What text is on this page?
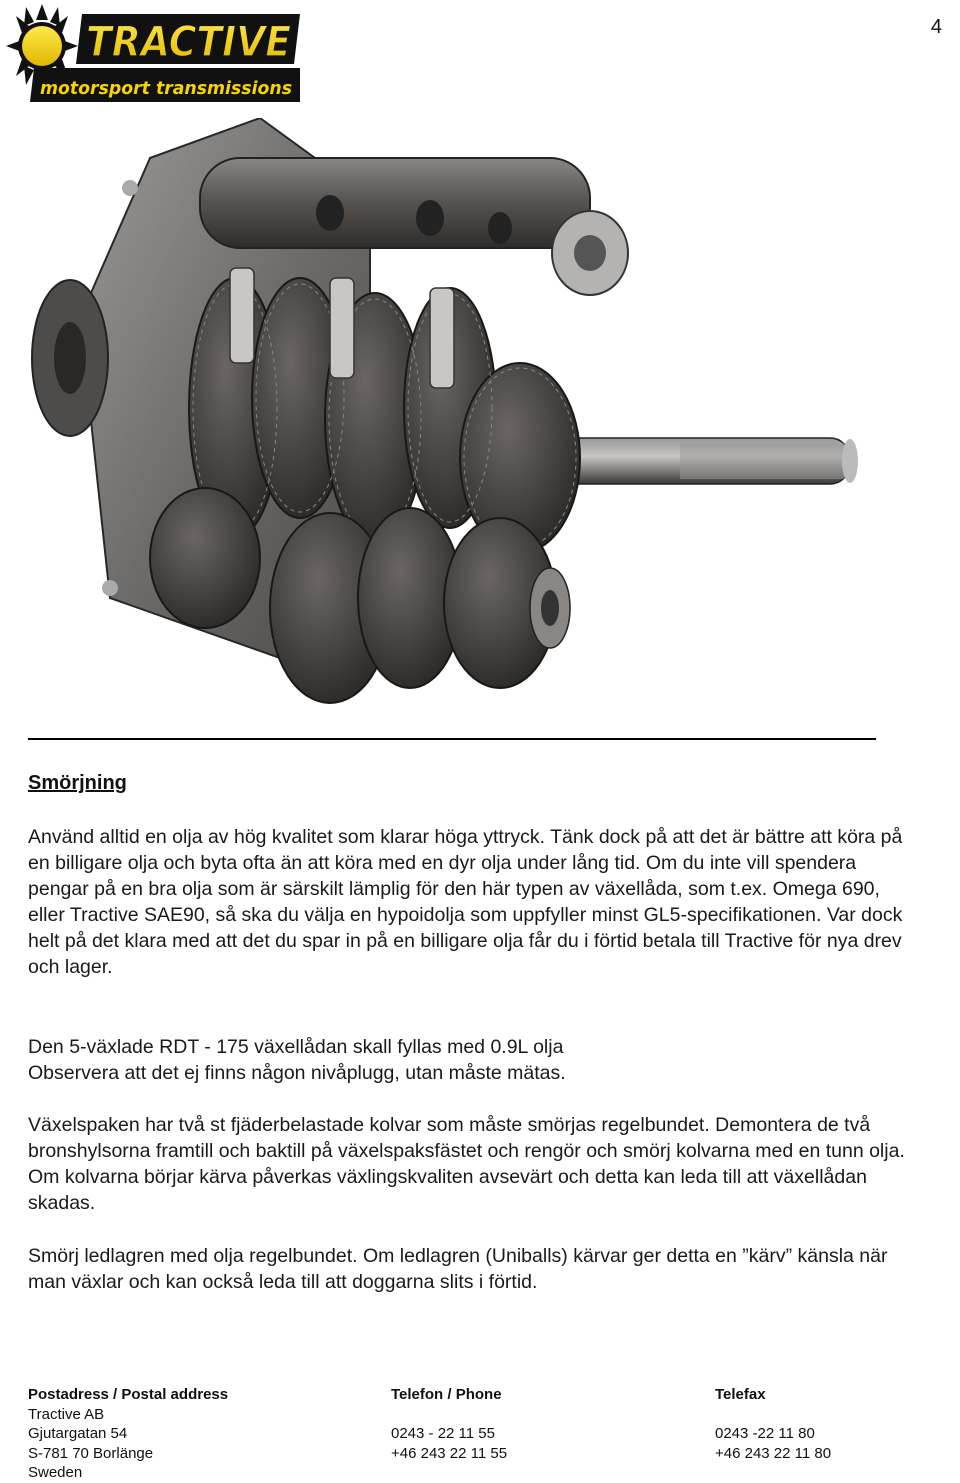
4
TRACTIVE
motorsport transmissions
Smörjning
Använd alltid en olja av hög kvalitet som klarar höga yttryck. Tänk dock på att det är bättre att köra på en billigare olja och byta ofta än att köra med en dyr olja under lång tid. Om du inte vill spendera pengar på en bra olja som är särskilt lämplig för den här typen av växellåda, som t.ex. Omega 690, eller Tractive SAE90, så ska du välja en hypoidolja som uppfyller minst GL5-specifikationen. Var dock helt på det klara med att det du spar in på en billigare olja får du i förtid betala till Tractive för nya drev och lager.
Den 5-växlade RDT - 175 växellådan skall fyllas med 0.9L olja
Observera att det ej finns någon nivåplugg, utan måste mätas.
Växelspaken har två st fjäderbelastade kolvar som måste smörjas regelbundet. Demontera de två bronshylsorna framtill och baktill på växelspaksfästet och rengör och smörj kolvarna med en tunn olja. Om kolvarna börjar kärva påverkas växlingskvaliten avsevärt och detta kan leda till att växellådan skadas.
Smörj ledlagren med olja regelbundet. Om ledlagren (Uniballs) kärvar ger detta en ”kärv” känsla när man växlar och kan också leda till att doggarna slits i förtid.
Postadress / Postal address
Tractive AB
Gjutargatan 54
S-781 70 Borlänge
Sweden
Telefon / Phone

0243 - 22 11 55
+46 243 22 11 55
Telefax

0243 -22 11 80
+46 243 22 11 80
